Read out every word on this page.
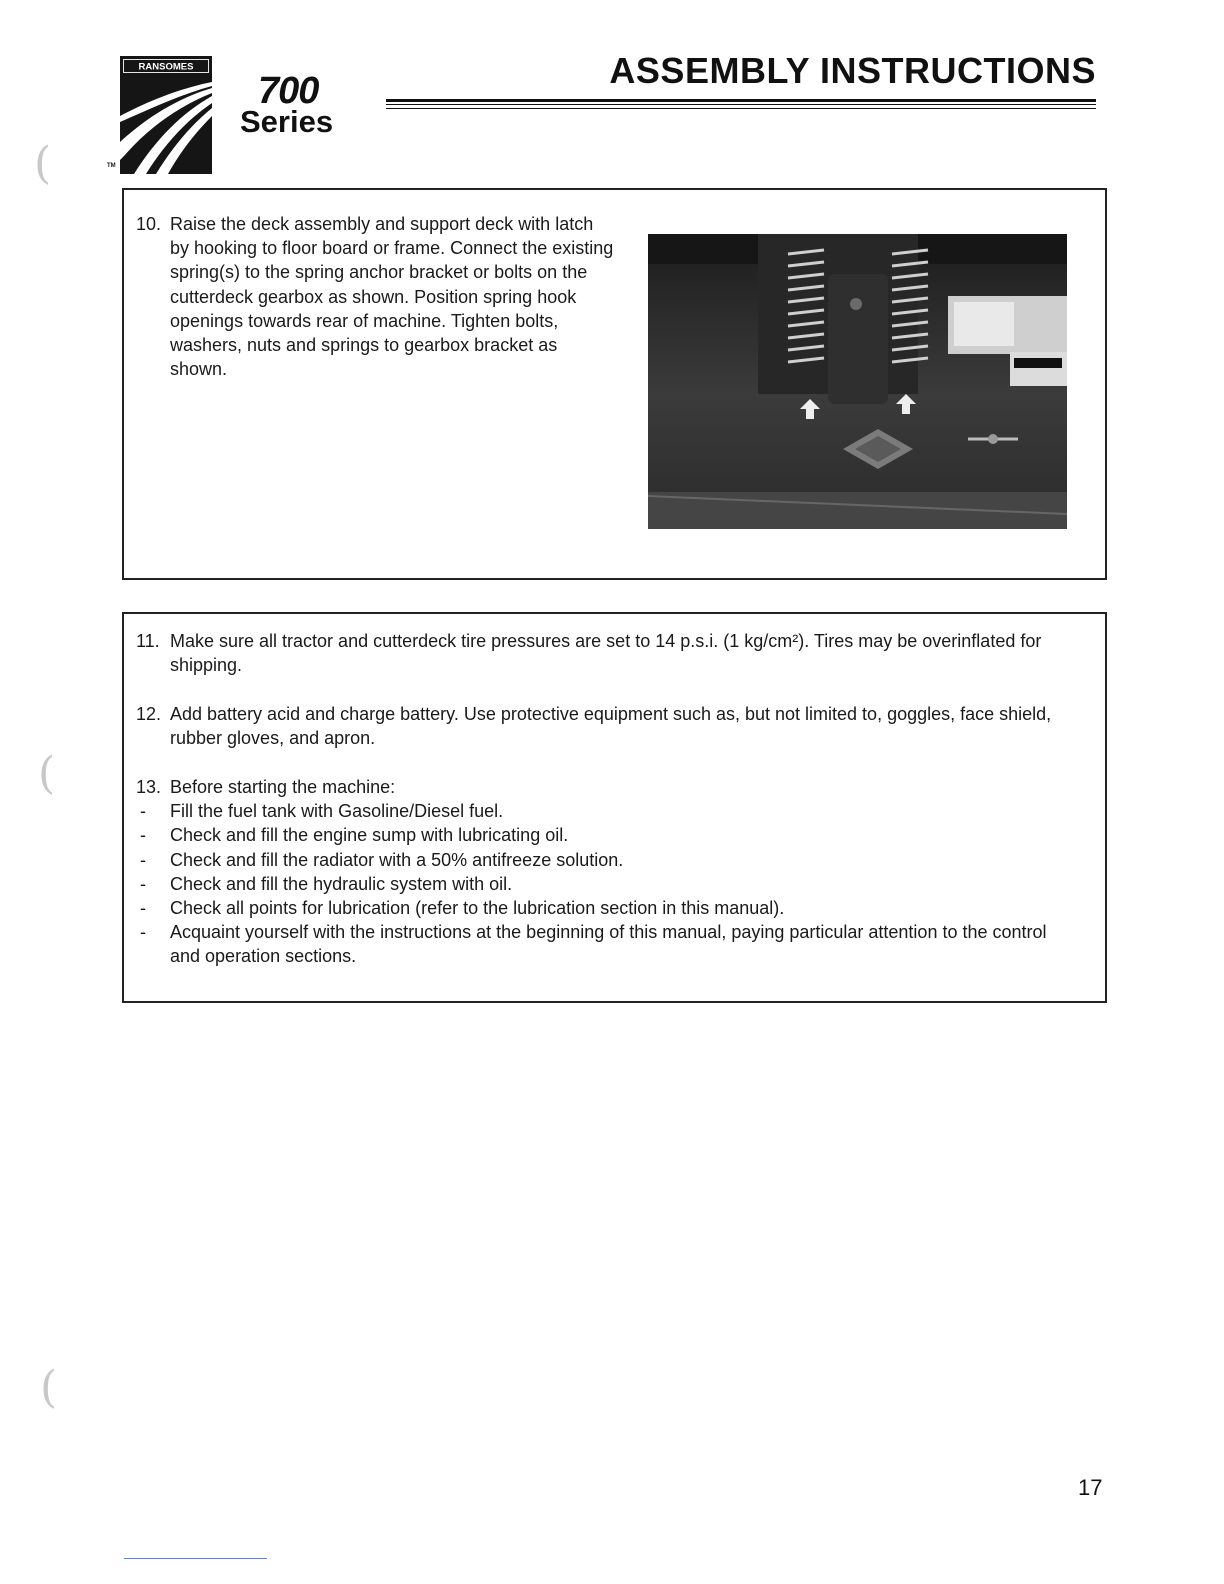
RANSOMES
TM
700
Series
ASSEMBLY INSTRUCTIONS
(
(
(
10. Raise the deck assembly and support deck with latch by hooking to floor board or frame. Connect the existing spring(s) to the spring anchor bracket or bolts on the cutterdeck gearbox as shown. Position spring hook openings towards rear of machine. Tighten bolts, washers, nuts and springs to gearbox bracket as shown.
11. Make sure all tractor and cutterdeck tire pressures are set to 14 p.s.i. (1 kg/cm²). Tires may be overinflated for shipping.
12. Add battery acid and charge battery. Use protective equipment such as, but not limited to, goggles, face shield, rubber gloves, and apron.
13. Before starting the machine:
- Fill the fuel tank with Gasoline/Diesel fuel.
- Check and fill the engine sump with lubricating oil.
- Check and fill the radiator with a 50% antifreeze solution.
- Check and fill the hydraulic system with oil.
- Check all points for lubrication (refer to the lubrication section in this manual).
- Acquaint yourself with the instructions at the beginning of this manual, paying particular attention to the control and operation sections.
17
